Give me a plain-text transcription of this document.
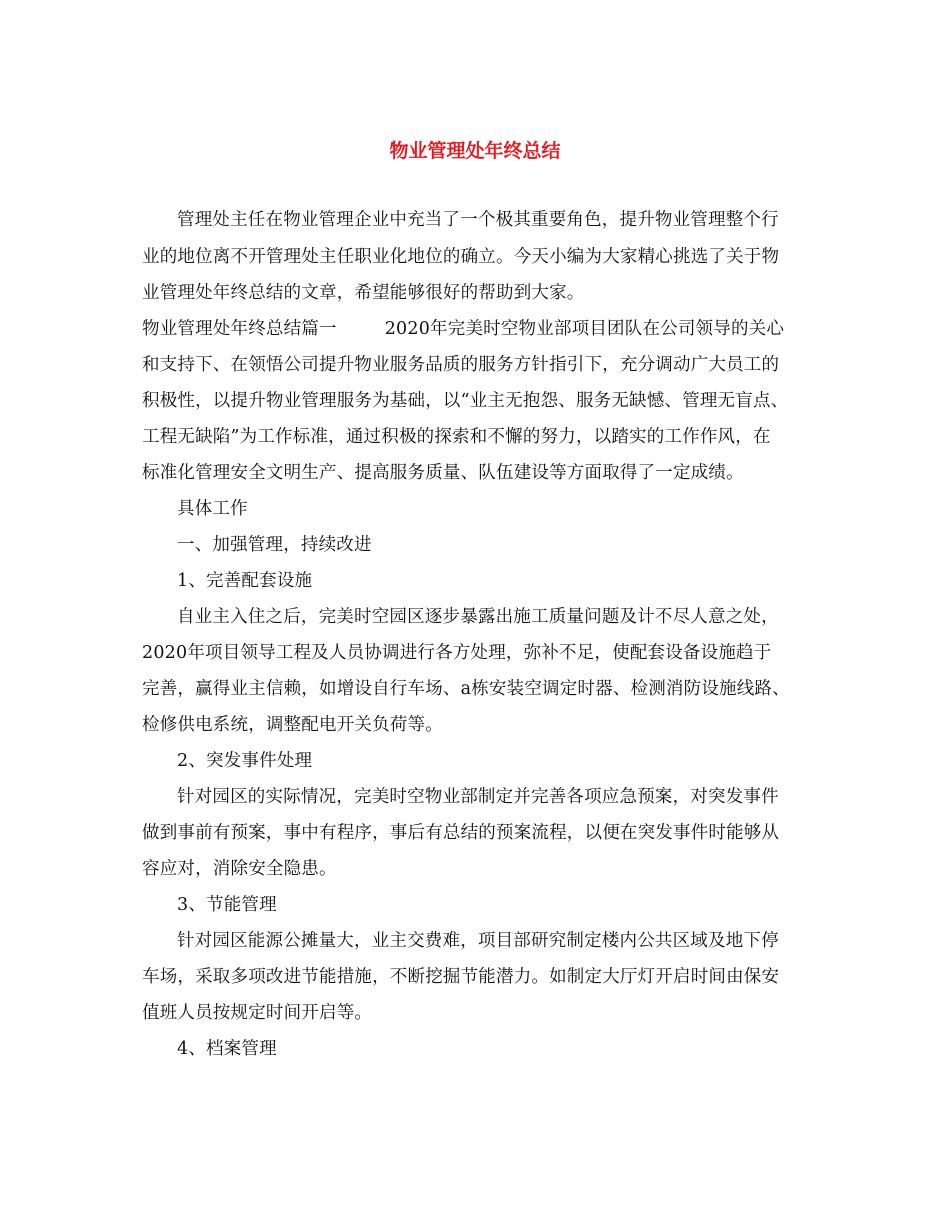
物业管理处年终总结
管理处主任在物业管理企业中充当了一个极其重要角色，提升物业管理整个行
业的地位离不开管理处主任职业化地位的确立。今天小编为大家精心挑选了关于物
业管理处年终总结的文章，希望能够很好的帮助到大家。
物业管理处年终总结篇一	2020年完美时空物业部项目团队在公司领导的关心
和支持下、在领悟公司提升物业服务品质的服务方针指引下，充分调动广大员工的
积极性，以提升物业管理服务为基础，以“业主无抱怨、服务无缺憾、管理无盲点、
工程无缺陷”为工作标准，通过积极的探索和不懈的努力，以踏实的工作作风，在
标准化管理安全文明生产、提高服务质量、队伍建设等方面取得了一定成绩。
具体工作
一、加强管理，持续改进
1、完善配套设施
自业主入住之后，完美时空园区逐步暴露出施工质量问题及计不尽人意之处，
2020年项目领导工程及人员协调进行各方处理，弥补不足，使配套设备设施趋于
完善，赢得业主信赖，如增设自行车场、a栋安装空调定时器、检测消防设施线路、
检修供电系统，调整配电开关负荷等。
2、突发事件处理
针对园区的实际情况，完美时空物业部制定并完善各项应急预案，对突发事件
做到事前有预案，事中有程序，事后有总结的预案流程，以便在突发事件时能够从
容应对，消除安全隐患。
3、节能管理
针对园区能源公摊量大，业主交费难，项目部研究制定楼内公共区域及地下停
车场，采取多项改进节能措施，不断挖掘节能潜力。如制定大厅灯开启时间由保安
值班人员按规定时间开启等。
4、档案管理
